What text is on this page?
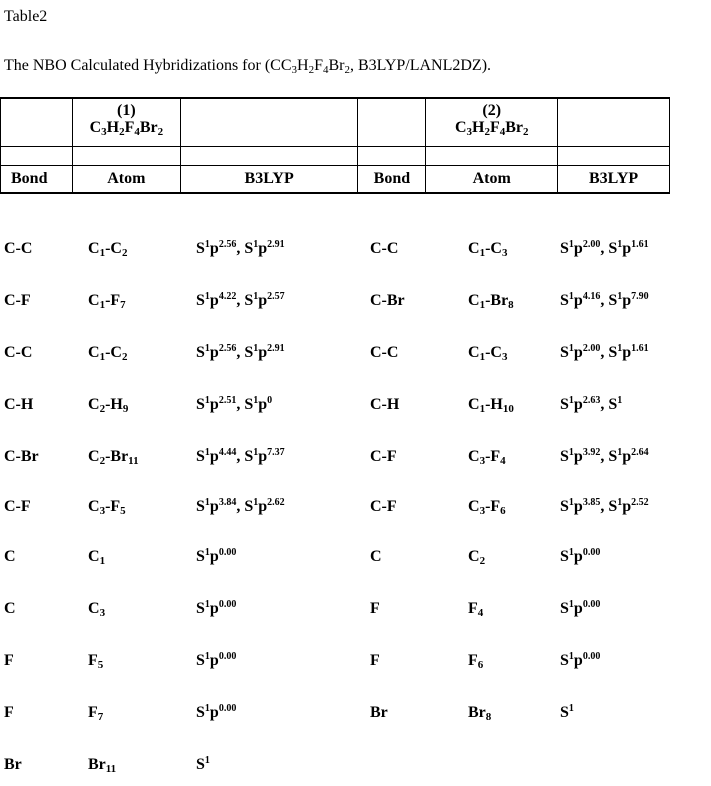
Table2
The NBO Calculated Hybridizations for ($CC_3H_2F_4Br_2$, B3LYP/LANL2DZ).
	(1)
$C_3H_2F_4Br_2$			(2)
$C_3H_2F_4Br_2$	

Bond	Atom	B3LYP	Bond	Atom	B3LYP
C-C	$C_1-C_2$	$S^1p^{2.56}$, $S^1p^{2.91}$	C-C	$C_1-C_3$	$S^1p^{2.00}$, $S^1p^{1.61}$
C-F	$C_1-F_7$	$S^1p^{4.22}$, $S^1p^{2.57}$	C-Br	$C_1-Br_8$	$S^1p^{4.16}$, $S^1p^{7.90}$
C-C	$C_1-C_2$	$S^1p^{2.56}$, $S^1p^{2.91}$	C-C	$C_1-C_3$	$S^1p^{2.00}$, $S^1p^{1.61}$
C-H	$C_2-H_9$	$S^1p^{2.51}$, $S^1p^0$	C-H	$C_1-H_{10}$	$S^1p^{2.63}$, $S^1$
C-Br	$C_2-Br_{11}$	$S^1p^{4.44}$, $S^1p^{7.37}$	C-F	$C_3-F_4$	$S^1p^{3.92}$, $S^1p^{2.64}$
C-F	$C_3-F_5$	$S^1p^{3.84}$, $S^1p^{2.62}$	C-F	$C_3-F_6$	$S^1p^{3.85}$, $S^1p^{2.52}$
C	$C_1$	$S^1p^{0.00}$	C	$C_2$	$S^1p^{0.00}$
C	$C_3$	$S^1p^{0.00}$	F	$F_4$	$S^1p^{0.00}$
F	$F_5$	$S^1p^{0.00}$	F	$F_6$	$S^1p^{0.00}$
F	$F_7$	$S^1p^{0.00}$	Br	$Br_8$	$S^1$
Br	$Br_{11}$	$S^1$
